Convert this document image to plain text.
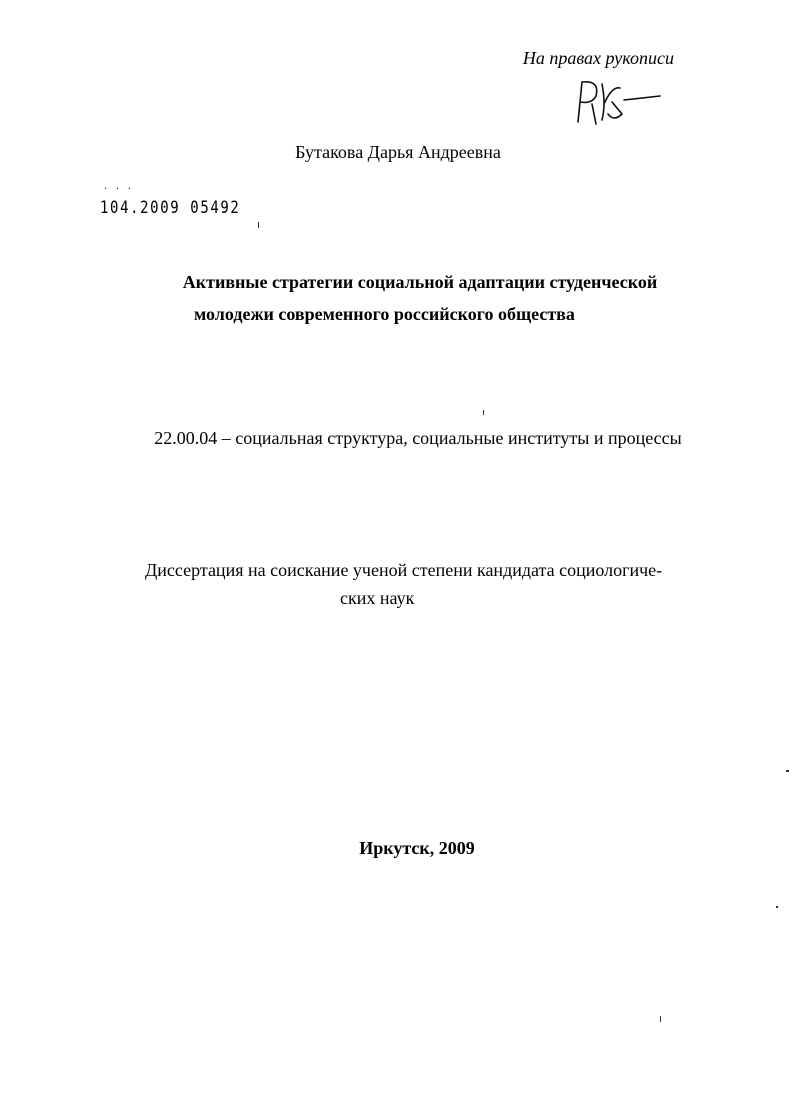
На правах рукописи
Бутакова Дарья Андреевна
· · ·
104.2009 05492
Активные стратегии социальной адаптации студенческой
молодежи современного российского общества
22.00.04 – социальная структура, социальные институты и процессы
Диссертация на соискание ученой степени кандидата социологиче-
ских наук
Иркутск, 2009
